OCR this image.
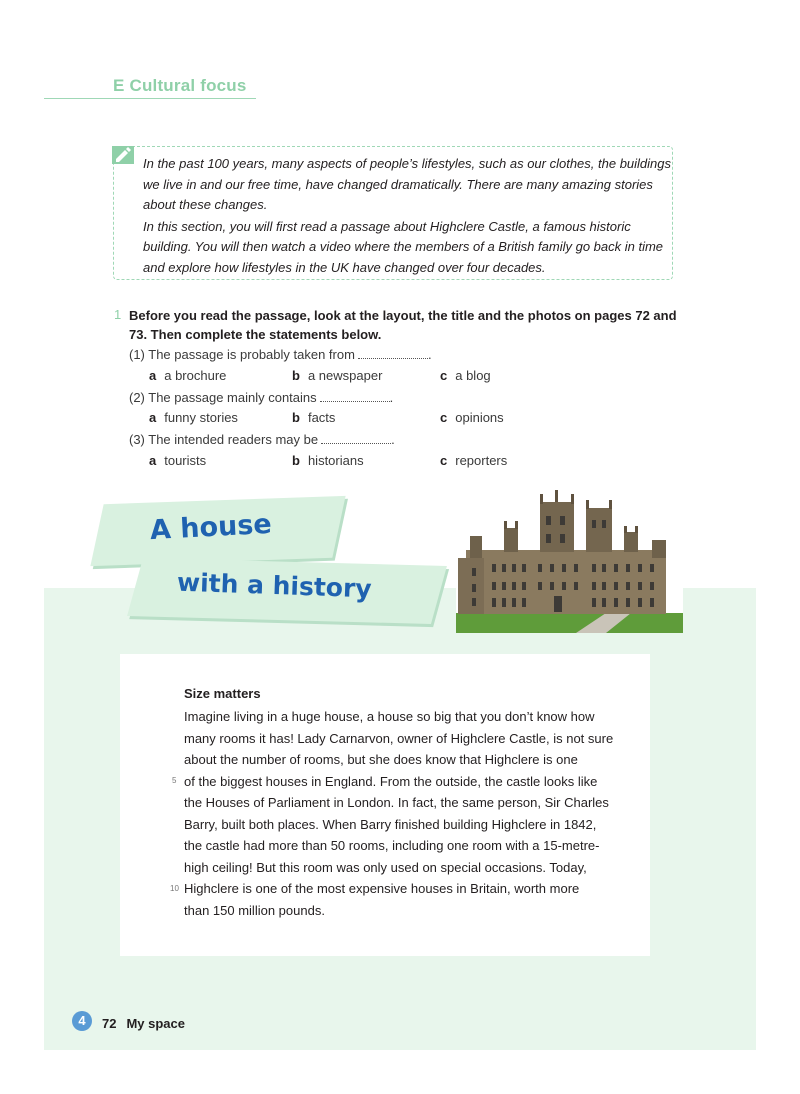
E Cultural focus

In the past 100 years, many aspects of people’s lifestyles, such as our clothes, the buildings we live in and our free time, have changed dramatically. There are many amazing stories about these changes.

In this section, you will first read a passage about Highclere Castle, a famous historic building. You will then watch a video where the members of a British family go back in time and explore how lifestyles in the UK have changed over four decades.

1 Before you read the passage, look at the layout, the title and the photos on pages 72 and 73. Then complete the statements below.
(1) The passage is probably taken from	.
a a brochure	b a newspaper	c a blog
(2) The passage mainly contains	.
a funny stories	b facts	c opinions
(3) The intended readers may be	.
a tourists	b historians	c reporters
A house
with a history
Size matters
Imagine living in a huge house, a house so big that you don’t know how
many rooms it has! Lady Carnarvon, owner of Highclere Castle, is not sure
about the number of rooms, but she does know that Highclere is one
of the biggest houses in England. From the outside, the castle looks like
the Houses of Parliament in London. In fact, the same person, Sir Charles
Barry, built both places. When Barry finished building Highclere in 1842,
the castle had more than 50 rooms, including one room with a 15-metre-
high ceiling! But this room was only used on special occasions. Today,
Highclere is one of the most expensive houses in Britain, worth more
than 150 million pounds.
5
10
4	72 My space
